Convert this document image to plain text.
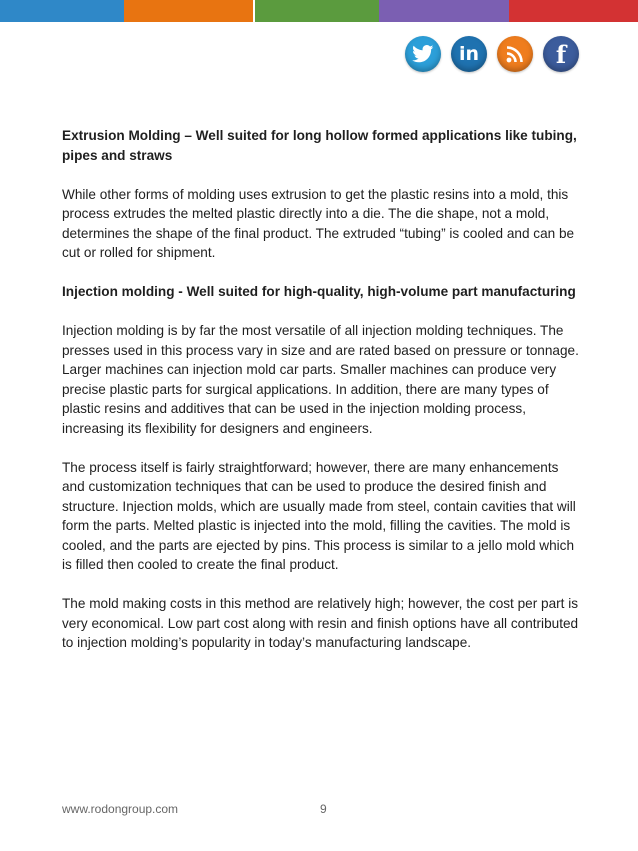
in	f

Extrusion Molding – Well suited for long hollow formed applications like tubing, pipes and straws

While other forms of molding uses extrusion to get the plastic resins into a mold, this process extrudes the melted plastic directly into a die. The die shape, not a mold, determines the shape of the final product. The extruded “tubing” is cooled and can be cut or rolled for shipment.

Injection molding - Well suited for high-quality, high-volume part manufacturing

Injection molding is by far the most versatile of all injection molding techniques. The presses used in this process vary in size and are rated based on pressure or tonnage. Larger machines can injection mold car parts. Smaller machines can produce very precise plastic parts for surgical applications. In addition, there are many types of plastic resins and additives that can be used in the injection molding process, increasing its flexibility for designers and engineers.

The process itself is fairly straightforward; however, there are many enhancements and customization techniques that can be used to produce the desired finish and structure. Injection molds, which are usually made from steel, contain cavities that will form the parts. Melted plastic is injected into the mold, filling the cavities. The mold is cooled, and the parts are ejected by pins. This process is similar to a jello mold which is filled then cooled to create the final product.

The mold making costs in this method are relatively high; however, the cost per part is very economical. Low part cost along with resin and finish options have all contributed to injection molding’s popularity in today’s manufacturing landscape.

www.rodongroup.com	9
